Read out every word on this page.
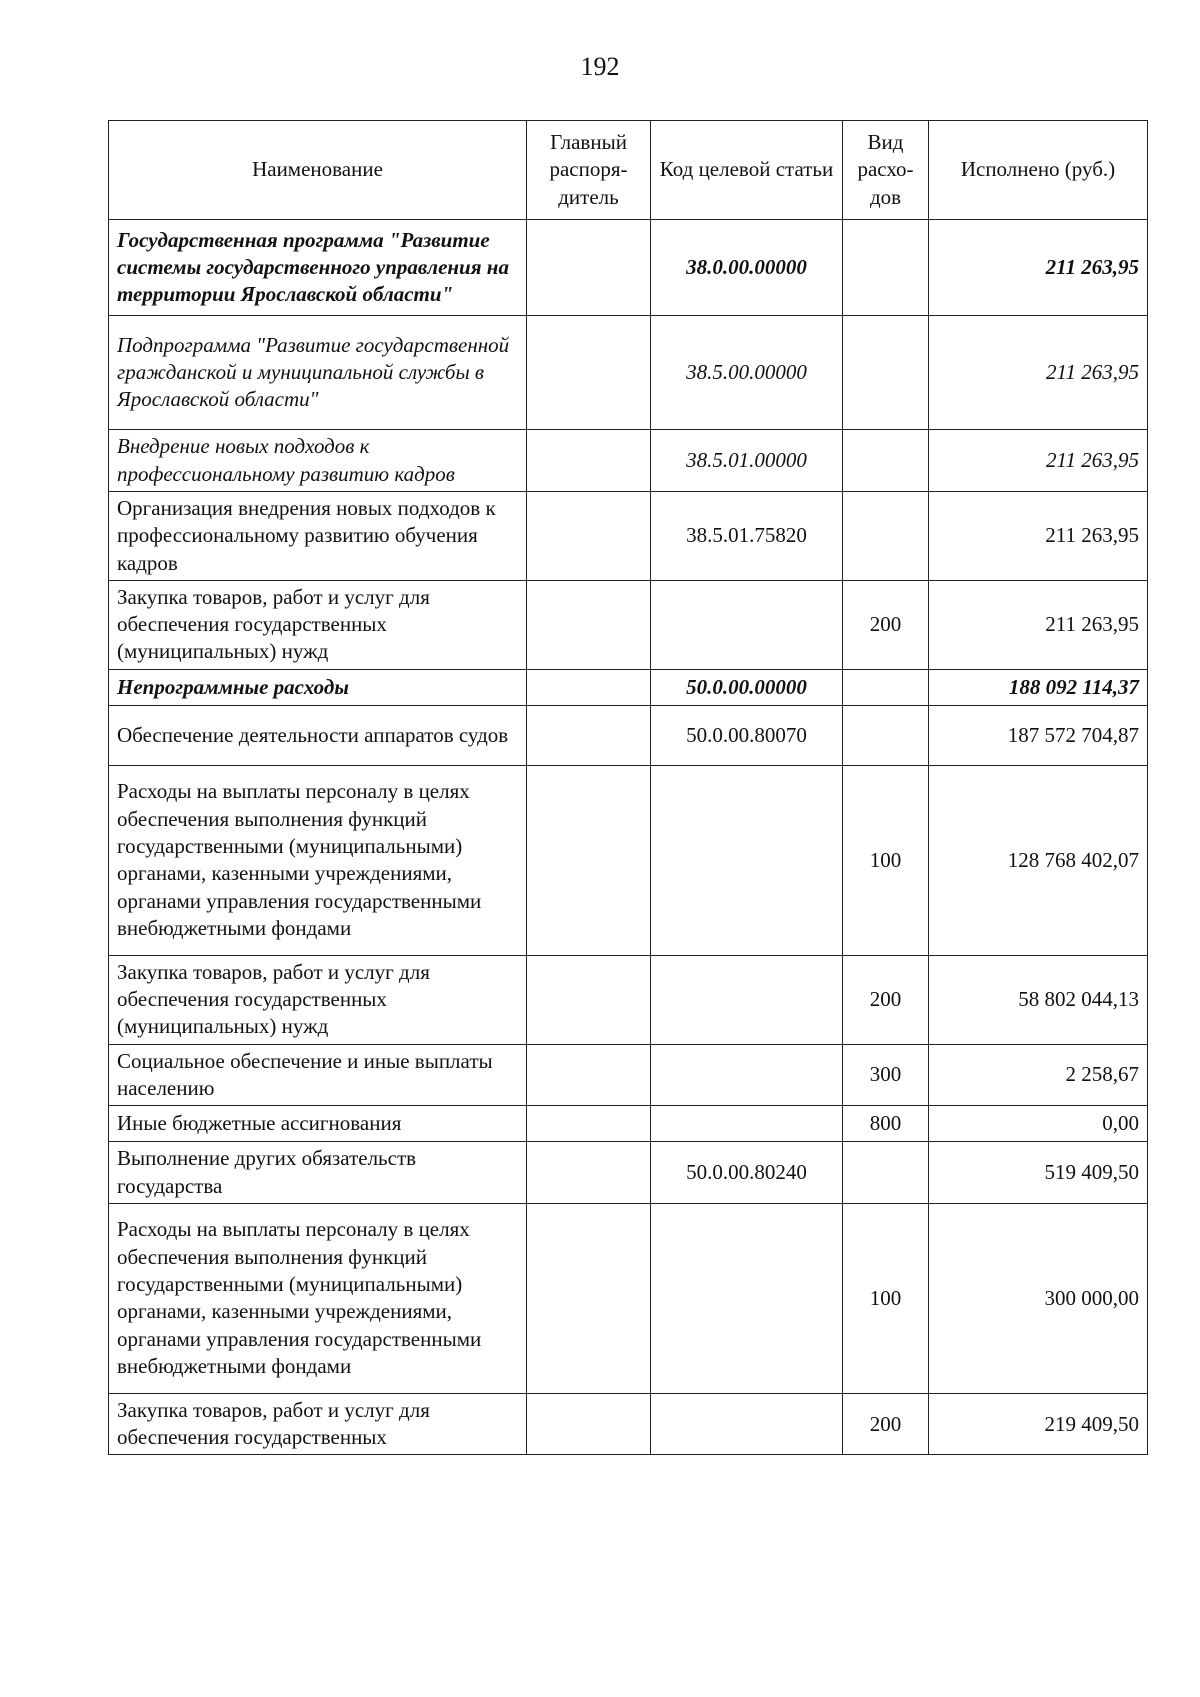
192
Наименование	Главный распоря-дитель	Код целевой статьи	Вид расхо-дов	Исполнено (руб.)
Государственная программа "Развитие системы государственного управления на территории Ярославской области"		38.0.00.00000		211 263,95
Подпрограмма "Развитие государственной гражданской и муниципальной службы в Ярославской области"		38.5.00.00000		211 263,95
Внедрение новых подходов к профессиональному развитию кадров		38.5.01.00000		211 263,95
Организация внедрения новых подходов к профессиональному развитию обучения кадров		38.5.01.75820		211 263,95
Закупка товаров, работ и услуг для обеспечения государственных (муниципальных) нужд			200	211 263,95
Непрограммные расходы		50.0.00.00000		188 092 114,37
Обеспечение деятельности аппаратов судов		50.0.00.80070		187 572 704,87
Расходы на выплаты персоналу в целях обеспечения выполнения функций государственными (муниципальными) органами, казенными учреждениями, органами управления государственными внебюджетными фондами			100	128 768 402,07
Закупка товаров, работ и услуг для обеспечения государственных (муниципальных) нужд			200	58 802 044,13
Социальное обеспечение и иные выплаты населению			300	2 258,67
Иные бюджетные ассигнования			800	0,00
Выполнение других обязательств государства		50.0.00.80240		519 409,50
Расходы на выплаты персоналу в целях обеспечения выполнения функций государственными (муниципальными) органами, казенными учреждениями, органами управления государственными внебюджетными фондами			100	300 000,00
Закупка товаров, работ и услуг для обеспечения государственных			200	219 409,50
